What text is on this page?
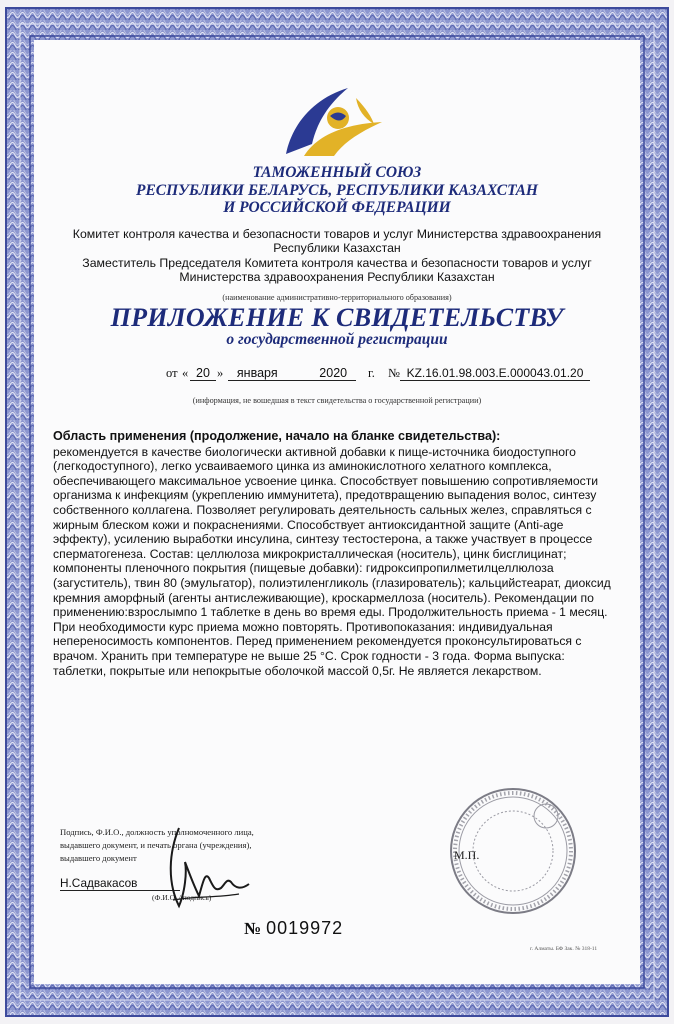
ТАМОЖЕННЫЙ СОЮЗ
РЕСПУБЛИКИ БЕЛАРУСЬ, РЕСПУБЛИКИ КАЗАХСТАН
И РОССИЙСКОЙ ФЕДЕРАЦИИ
Комитет контроля качества и безопасности товаров и услуг Министерства здравоохранения
Республики Казахстан
Заместитель Председателя Комитета контроля качества и безопасности товаров и услуг
Министерства здравоохранения Республики Казахстан
(наименование административно-территориального образования)
ПРИЛОЖЕНИЕ К СВИДЕТЕЛЬСТВУ
о государственной регистрации
от « 20 »	января	2020	г. № KZ.16.01.98.003.E.000043.01.20
(информация, не вошедшая в текст свидетельства о государственной регистрации)
Область применения (продолжение, начало на бланке свидетельства):
рекомендуется в качестве биологически активной добавки к пище-источника биодоступного
(легкодоступного), легко усваиваемого цинка из аминокислотного хелатного комплекса,
обеспечивающего максимальное усвоение цинка. Способствует повышению сопротивляемости
организма к инфекциям (укреплению иммунитета), предотвращению выпадения волос, синтезу
собственного коллагена. Позволяет регулировать деятельность сальных желез, справляться с
жирным блеском кожи и покраснениями. Способствует антиоксидантной защите (Anti-age
эффекту), усилению выработки инсулина, синтезу тестостерона, а также участвует в процессе
сперматогенеза. Состав: целлюлоза микрокристаллическая (носитель), цинк бисглицинат;
компоненты пленочного покрытия (пищевые добавки): гидроксипропилметилцеллюлоза
(загуститель), твин 80 (эмульгатор), полиэтиленгликоль (глазирователь); кальцийстеарат, диоксид
кремния аморфный (агенты антислеживающие), кроскармеллоза (носитель). Рекомендации по
применению:взрослымпо 1 таблетке в день во время еды. Продолжительность приема - 1 месяц.
При необходимости курс приема можно повторять. Противопоказания: индивидуальная
непереносимость компонентов. Перед применением рекомендуется проконсультироваться с
врачом. Хранить при температуре не выше 25 °С. Срок годности - 3 года. Форма выпуска:
таблетки, покрытые или непокрытые оболочкой массой 0,5г. Не является лекарством.
Подпись, Ф.И.О., должность уполномоченного лица,
выдавшего документ, и печать органа (учреждения),
выдавшего документ
Н.Садвакасов
(Ф.И.О. / подпись)
М.П.
№ 0019972
г. Алматы. БФ Зак. № 318-11
